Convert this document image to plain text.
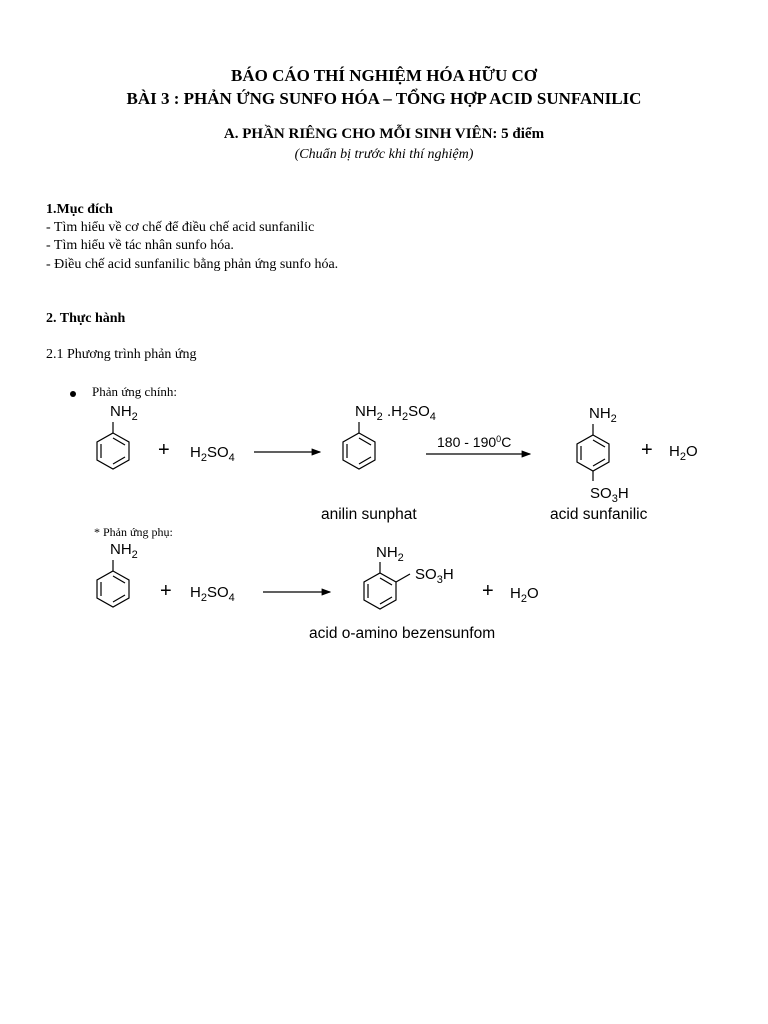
BÁO CÁO THÍ NGHIỆM HÓA HỮU CƠ
BÀI 3 : PHẢN ỨNG SUNFO HÓA – TỔNG HỢP ACID SUNFANILIC
A. PHẦN RIÊNG CHO MỖI SINH VIÊN: 5 điểm
(Chuẩn bị trước khi thí nghiệm)
1.Mục đích
- Tìm hiểu về cơ chế để điều chế acid sunfanilic
- Tìm hiểu về tác nhân sunfo hóa.
- Điều chế acid sunfanilic bằng phản ứng sunfo hóa.
2. Thực hành
2.1 Phương trình phản ứng
Phản ứng chính:
* Phản ứng phụ:
$NH_2$
+ $H_2SO_4$
$NH_2$ $.H_2SO_4$
$180 - 190^0C$
$NH_2$
$SO_3H$
+ $H_2O$
anilin sunphat	acid sunfanilic
$NH_2$
+ $H_2SO_4$
$NH_2$
$SO_3H$
+ $H_2O$
acid o-amino bezensunfom
